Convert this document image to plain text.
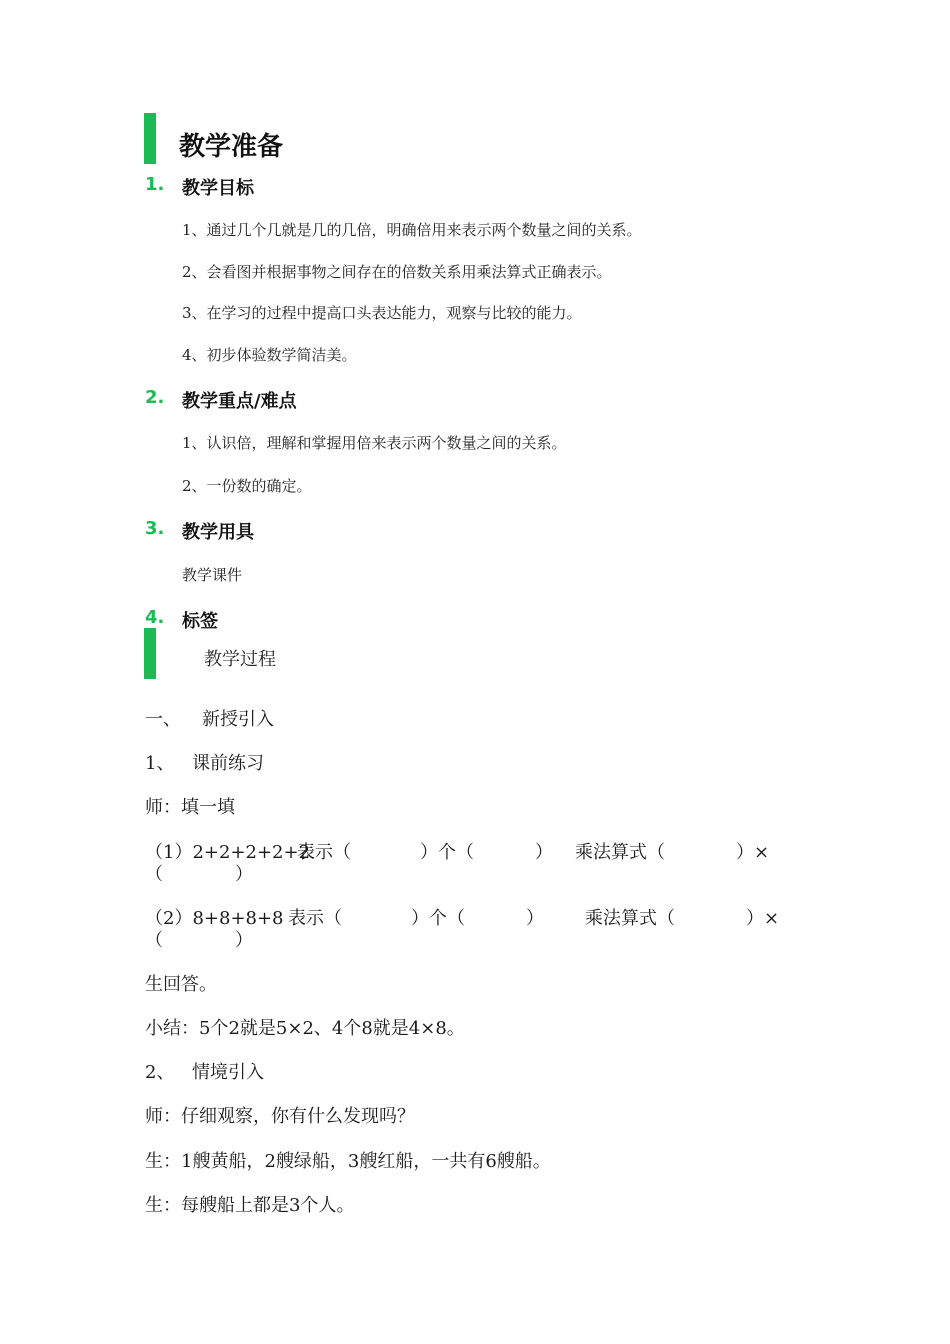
教学准备
1. 教学目标
1、通过几个几就是几的几倍，明确倍用来表示两个数量之间的关系。
2、会看图并根据事物之间存在的倍数关系用乘法算式正确表示。
3、在学习的过程中提高口头表达能力，观察与比较的能力。
4、初步体验数学简洁美。
2. 教学重点/难点
1、认识倍，理解和掌握用倍来表示两个数量之间的关系。
2、一份数的确定。
3. 教学用具
教学课件
4. 标签
教学过程
一、 新授引入
1、 课前练习
师：填一填
（1）2+2+2+2+2
表示（	）个（	） 乘法算式（	）×
（　　　　）
（2）8+8+8+8 表示（	）个（	） 乘法算式（	）×
（　　　　）
生回答。
小结：5个2就是5×2、4个8就是4×8。
2、 情境引入
师：仔细观察，你有什么发现吗？
生：1艘黄船，2艘绿船，3艘红船，一共有6艘船。
生：每艘船上都是3个人。
